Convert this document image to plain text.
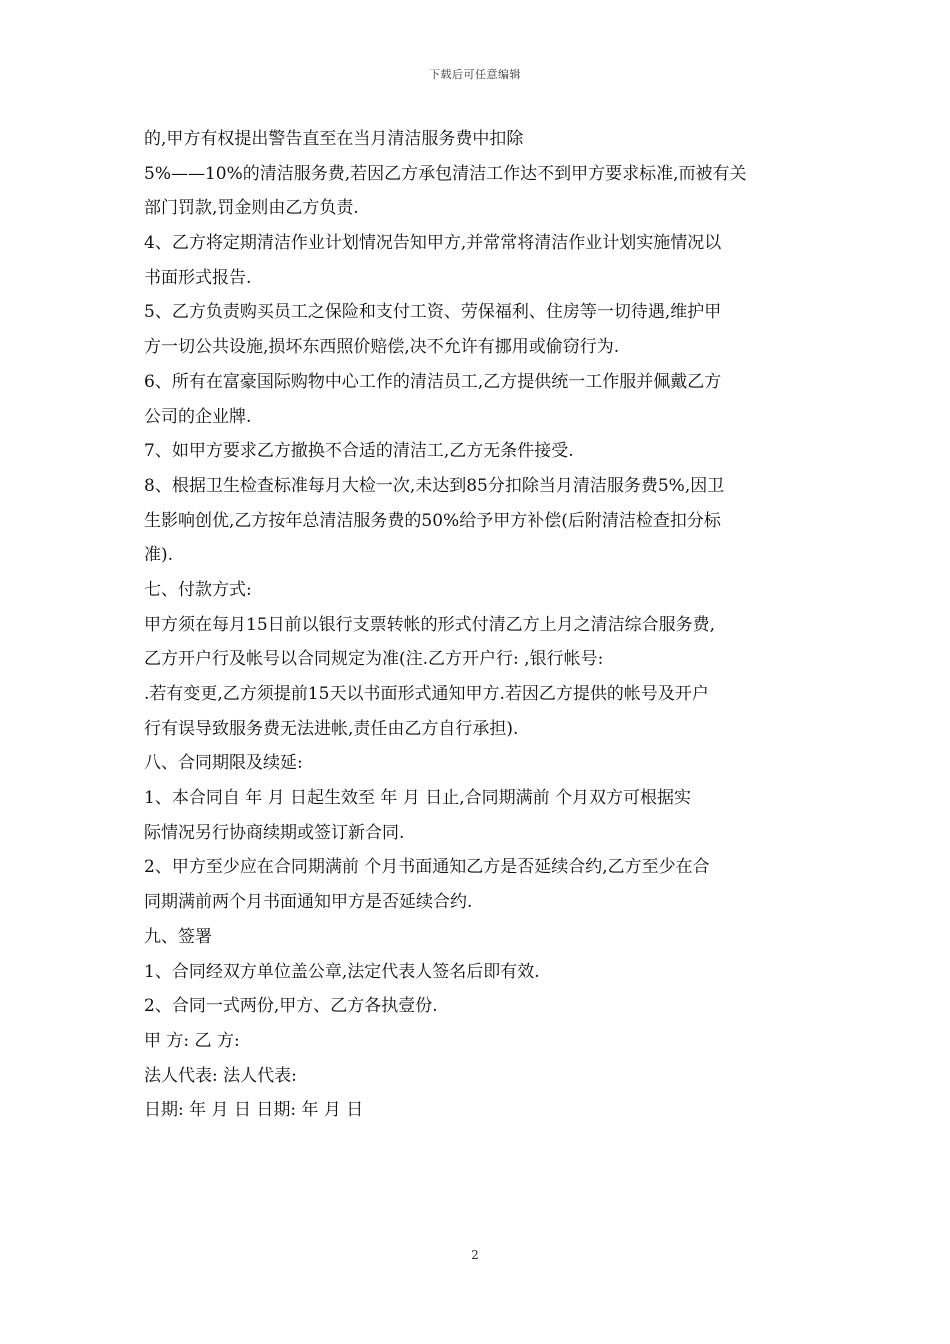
下载后可任意编辑
的,甲方有权提出警告直至在当月清洁服务费中扣除
5%——10%的清洁服务费,若因乙方承包清洁工作达不到甲方要求标准,而被有关
部门罚款,罚金则由乙方负责.
4、乙方将定期清洁作业计划情况告知甲方,并常常将清洁作业计划实施情况以
书面形式报告.
5、乙方负责购买员工之保险和支付工资、劳保福利、住房等一切待遇,维护甲
方一切公共设施,损坏东西照价赔偿,决不允许有挪用或偷窃行为.
6、所有在富豪国际购物中心工作的清洁员工,乙方提供统一工作服并佩戴乙方
公司的企业牌.
7、如甲方要求乙方撤换不合适的清洁工,乙方无条件接受.
8、根据卫生检查标准每月大检一次,未达到85分扣除当月清洁服务费5%,因卫
生影响创优,乙方按年总清洁服务费的50%给予甲方补偿(后附清洁检查扣分标
准).
七、付款方式:
甲方须在每月15日前以银行支票转帐的形式付清乙方上月之清洁综合服务费,
乙方开户行及帐号以合同规定为准(注.乙方开户行: ,银行帐号:
.若有变更,乙方须提前15天以书面形式通知甲方.若因乙方提供的帐号及开户
行有误导致服务费无法进帐,责任由乙方自行承担).
八、合同期限及续延:
1、本合同自 年 月 日起生效至 年 月 日止,合同期满前 个月双方可根据实
际情况另行协商续期或签订新合同.
2、甲方至少应在合同期满前 个月书面通知乙方是否延续合约,乙方至少在合
同期满前两个月书面通知甲方是否延续合约.
九、签署
1、合同经双方单位盖公章,法定代表人签名后即有效.
2、合同一式两份,甲方、乙方各执壹份.
甲 方: 乙 方:
法人代表: 法人代表:
日期: 年 月 日 日期: 年 月 日
2
